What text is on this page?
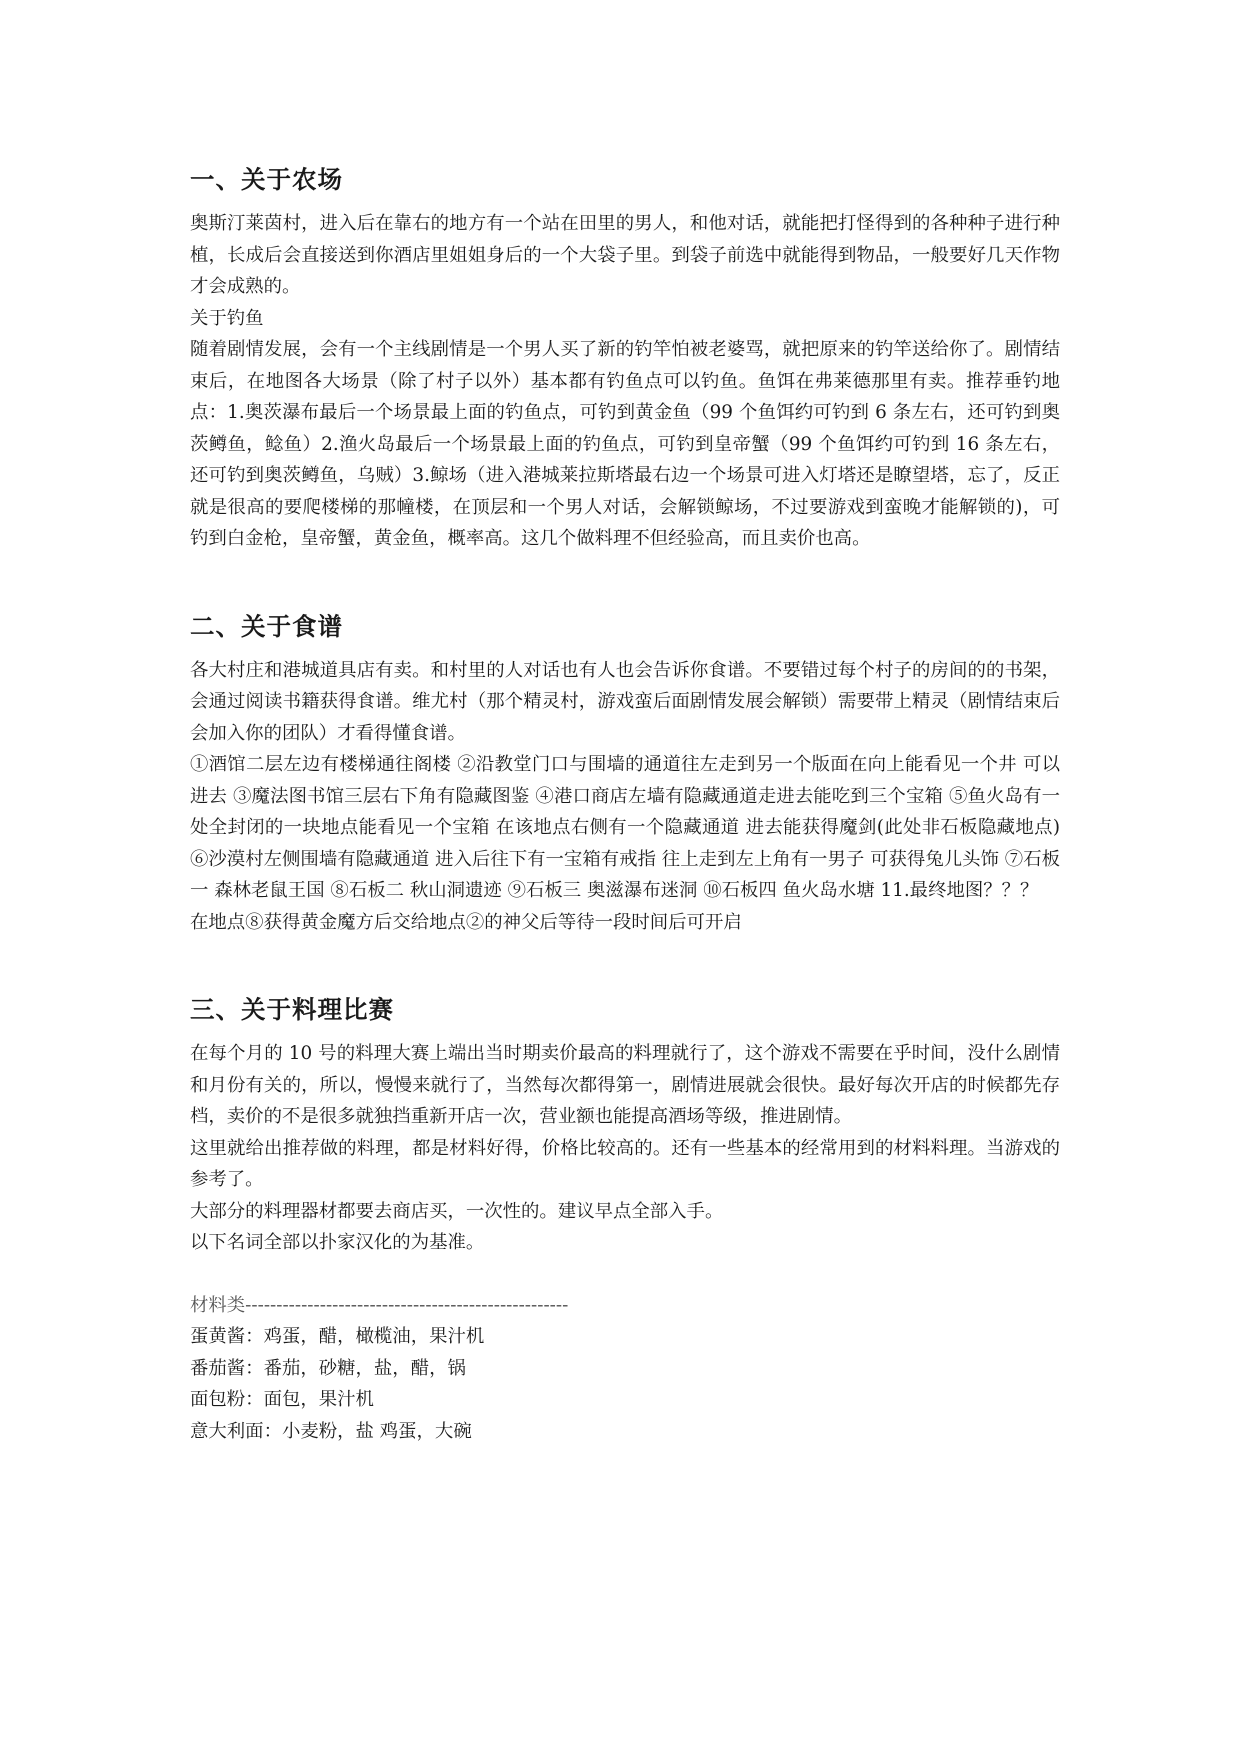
一、关于农场

奥斯汀莱茵村，进入后在靠右的地方有一个站在田里的男人，和他对话，就能把打怪得到的各种种子进行种植，长成后会直接送到你酒店里姐姐身后的一个大袋子里。到袋子前选中就能得到物品，一般要好几天作物才会成熟的。

关于钓鱼

随着剧情发展，会有一个主线剧情是一个男人买了新的钓竿怕被老婆骂，就把原来的钓竿送给你了。剧情结束后，在地图各大场景（除了村子以外）基本都有钓鱼点可以钓鱼。鱼饵在弗莱德那里有卖。推荐垂钓地点：1.奥茨瀑布最后一个场景最上面的钓鱼点，可钓到黄金鱼（99 个鱼饵约可钓到 6 条左右，还可钓到奥茨鳟鱼，鲶鱼）2.渔火岛最后一个场景最上面的钓鱼点，可钓到皇帝蟹（99 个鱼饵约可钓到 16 条左右，还可钓到奥茨鳟鱼，乌贼）3.鲸场（进入港城莱拉斯塔最右边一个场景可进入灯塔还是瞭望塔，忘了，反正就是很高的要爬楼梯的那幢楼，在顶层和一个男人对话，会解锁鲸场，不过要游戏到蛮晚才能解锁的)，可钓到白金枪，皇帝蟹，黄金鱼，概率高。这几个做料理不但经验高，而且卖价也高。

二、关于食谱

各大村庄和港城道具店有卖。和村里的人对话也有人也会告诉你食谱。不要错过每个村子的房间的的书架，会通过阅读书籍获得食谱。维尤村（那个精灵村，游戏蛮后面剧情发展会解锁）需要带上精灵（剧情结束后会加入你的团队）才看得懂食谱。

①酒馆二层左边有楼梯通往阁楼 ②沿教堂门口与围墙的通道往左走到另一个版面在向上能看见一个井 可以进去 ③魔法图书馆三层右下角有隐藏图鉴 ④港口商店左墙有隐藏通道走进去能吃到三个宝箱 ⑤鱼火岛有一处全封闭的一块地点能看见一个宝箱 在该地点右侧有一个隐藏通道 进去能获得魔剑(此处非石板隐藏地点) ⑥沙漠村左侧围墙有隐藏通道 进入后往下有一宝箱有戒指 往上走到左上角有一男子 可获得兔儿头饰 ⑦石板一 森林老鼠王国 ⑧石板二 秋山洞遗迹 ⑨石板三 奥滋瀑布迷洞 ⑩石板四 鱼火岛水塘 11.最终地图？？？

在地点⑧获得黄金魔方后交给地点②的神父后等待一段时间后可开启

三、关于料理比赛

在每个月的 10 号的料理大赛上端出当时期卖价最高的料理就行了，这个游戏不需要在乎时间，没什么剧情和月份有关的，所以，慢慢来就行了，当然每次都得第一，剧情进展就会很快。最好每次开店的时候都先存档，卖价的不是很多就独挡重新开店一次，营业额也能提高酒场等级，推进剧情。

这里就给出推荐做的料理，都是材料好得，价格比较高的。还有一些基本的经常用到的材料料理。当游戏的参考了。

大部分的料理器材都要去商店买，一次性的。建议早点全部入手。

以下名词全部以扑家汉化的为基准。

材料类----------------------------------------------------

蛋黄酱：鸡蛋，醋，橄榄油，果汁机

番茄酱：番茄，砂糖，盐，醋，锅

面包粉：面包，果汁机

意大利面：小麦粉，盐 鸡蛋，大碗
